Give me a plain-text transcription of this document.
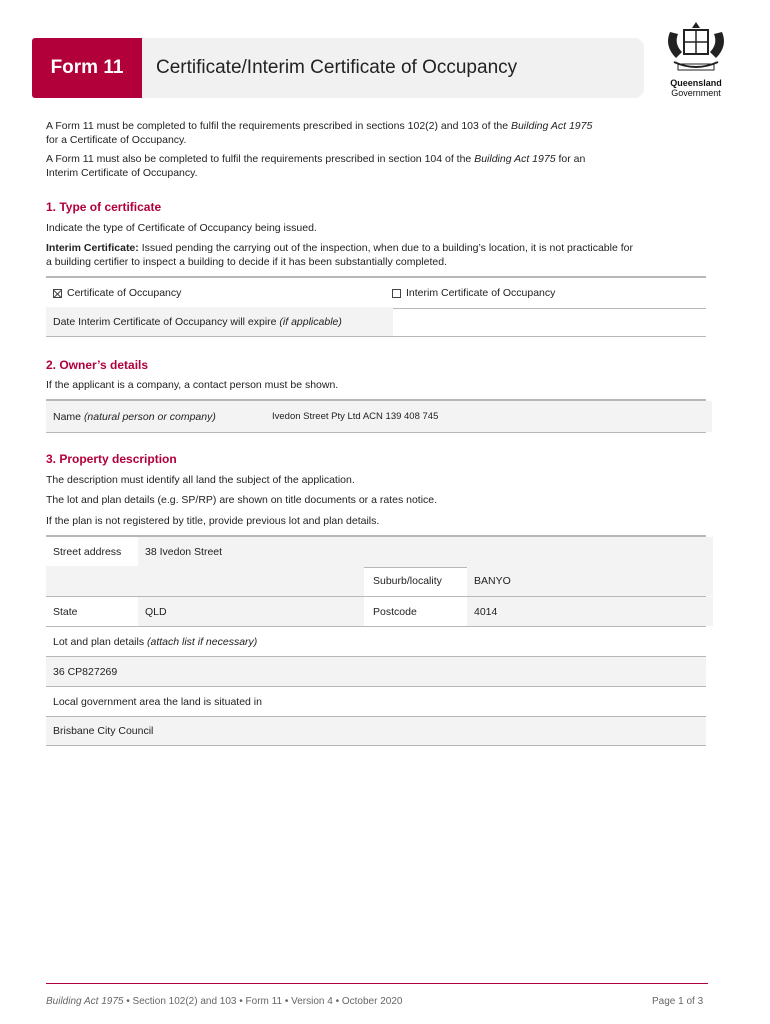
Form 11	Certificate/Interim Certificate of Occupancy
Queensland
Government
A Form 11 must be completed to fulfil the requirements prescribed in sections 102(2) and 103 of the Building Act 1975
for a Certificate of Occupancy.
A Form 11 must also be completed to fulfil the requirements prescribed in section 104 of the Building Act 1975 for an
Interim Certificate of Occupancy.
1. Type of certificate
Indicate the type of Certificate of Occupancy being issued.
Interim Certificate: Issued pending the carrying out of the inspection, when due to a building’s location, it is not practicable for
a building certifier to inspect a building to decide if it has been substantially completed.
Certificate of Occupancy	Interim Certificate of Occupancy
Date Interim Certificate of Occupancy will expire
(if applicable)
2. Owner’s details
If the applicant is a company, a contact person must be shown.
Name
(natural person or company)	Ivedon Street Pty Ltd ACN 139 408 745
3. Property description
The description must identify all land the subject of the application.
The lot and plan details (e.g. SP/RP) are shown on title documents or a rates notice.
If the plan is not registered by title, provide previous lot and plan details.
Street address	38 Ivedon Street
Suburb/locality	BANYO
State	QLD	Postcode	4014
Lot and plan details
(attach list if necessary)
36 CP827269
Local government area the land is situated in
Brisbane City Council
Building Act 1975 • Section 102(2) and 103 • Form 11 • Version 4 • October 2020	Page 1 of 3
